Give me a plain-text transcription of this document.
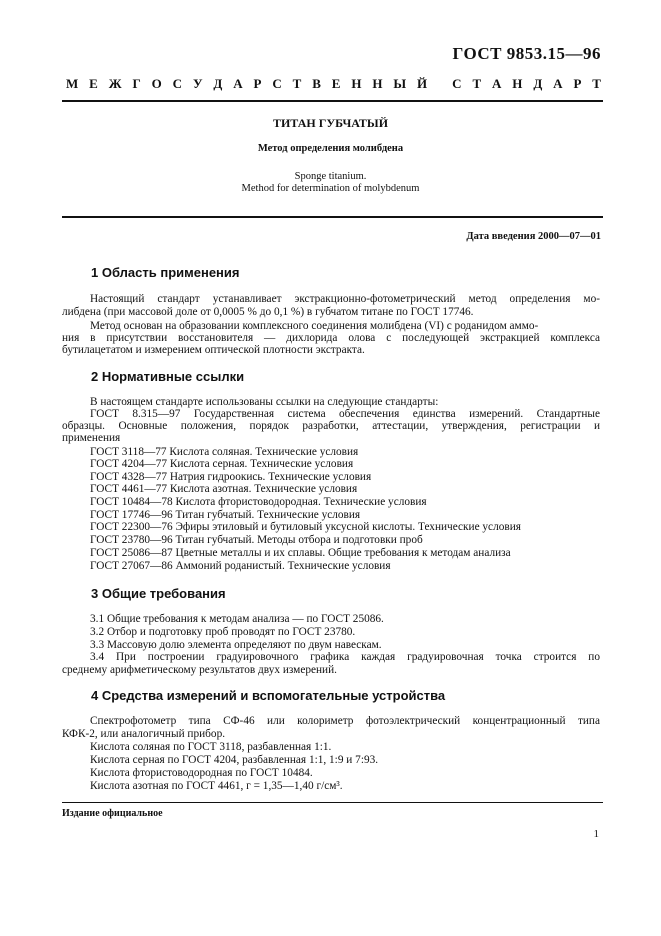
ГОСТ 9853.15—96
М Е Ж Г О С У Д А Р С Т В Е Н Н Ы Й
С Т А Н Д А Р Т
ТИТАН ГУБЧАТЫЙ
Метод определения молибдена
Sponge titanium.
Method for determination of molybdenum
Дата введения 2000—07—01
1 Область применения
Настоящий стандарт устанавливает экстракционно-фотометрический метод определения мо-
либдена (при массовой доле от 0,0005 % до 0,1 %) в губчатом титане по ГОСТ 17746.
Метод основан на образовании комплексного соединения молибдена (VI) с роданидом аммо-
ния в присутствии восстановителя — дихлорида олова с последующей экстракцией комплекса
бутилацетатом и измерением оптической плотности экстракта.
2 Нормативные ссылки
В настоящем стандарте использованы ссылки на следующие стандарты:
ГОСТ 8.315—97 Государственная система обеспечения единства измерений. Стандартные
образцы. Основные положения, порядок разработки, аттестации, утверждения, регистрации и
применения
ГОСТ 3118—77 Кислота соляная. Технические условия
ГОСТ 4204—77 Кислота серная. Технические условия
ГОСТ 4328—77 Натрия гидроокись. Технические условия
ГОСТ 4461—77 Кислота азотная. Технические условия
ГОСТ 10484—78 Кислота фтористоводородная. Технические условия
ГОСТ 17746—96 Титан губчатый. Технические условия
ГОСТ 22300—76 Эфиры этиловый и бутиловый уксусной кислоты. Технические условия
ГОСТ 23780—96 Титан губчатый. Методы отбора и подготовки проб
ГОСТ 25086—87 Цветные металлы и их сплавы. Общие требования к методам анализа
ГОСТ 27067—86 Аммоний роданистый. Технические условия
3 Общие требования
3.1 Общие требования к методам анализа — по ГОСТ 25086.
3.2 Отбор и подготовку проб проводят по ГОСТ 23780.
3.3 Массовую долю элемента определяют по двум навескам.
3.4 При построении градуировочного графика каждая градуировочная точка строится по
среднему арифметическому результатов двух измерений.
4 Средства измерений и вспомогательные устройства
Спектрофотометр типа СФ-46 или колориметр фотоэлектрический концентрационный типа
КФК-2, или аналогичный прибор.
Кислота соляная по ГОСТ 3118, разбавленная 1:1.
Кислота серная по ГОСТ 4204, разбавленная 1:1, 1:9 и 7:93.
Кислота фтористоводородная по ГОСТ 10484.
Кислота азотная по ГОСТ 4461, г = 1,35—1,40 г/см³.
Издание официальное
1
